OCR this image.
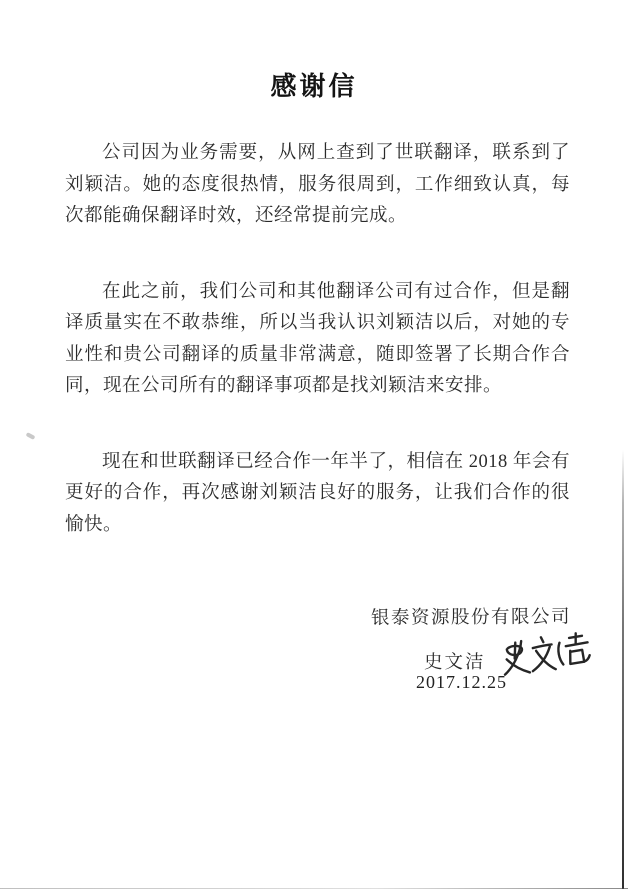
感谢信

公司因为业务需要，从网上查到了世联翻译，联系到了刘颖洁。她的态度很热情，服务很周到，工作细致认真，每次都能确保翻译时效，还经常提前完成。

在此之前，我们公司和其他翻译公司有过合作，但是翻译质量实在不敢恭维，所以当我认识刘颖洁以后，对她的专业性和贵公司翻译的质量非常满意，随即签署了长期合作合同，现在公司所有的翻译事项都是找刘颖洁来安排。

现在和世联翻译已经合作一年半了，相信在 2018 年会有更好的合作，再次感谢刘颖洁良好的服务，让我们合作的很愉快。

银泰资源股份有限公司
史文洁
2017.12.25
